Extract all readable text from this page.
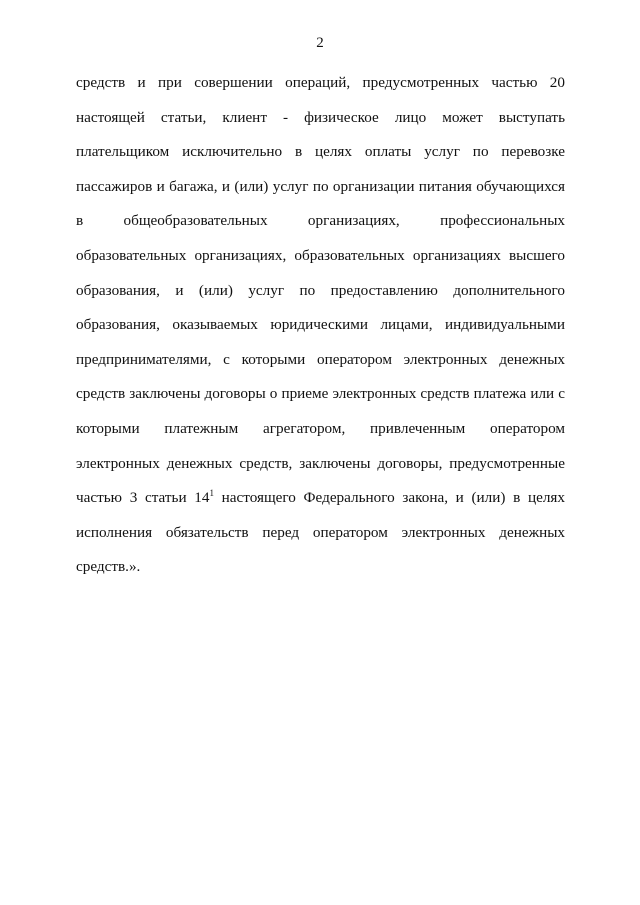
2
средств и при совершении операций, предусмотренных частью 20
настоящей статьи, клиент - физическое лицо может выступать
плательщиком исключительно в целях оплаты услуг по перевозке
пассажиров и багажа, и (или) услуг по организации питания обучающихся
в общеобразовательных организациях, профессиональных
образовательных организациях, образовательных организациях высшего
образования, и (или) услуг по предоставлению дополнительного
образования, оказываемых юридическими лицами, индивидуальными
предпринимателями, с которыми оператором электронных денежных
средств заключены договоры о приеме электронных средств платежа или с
которыми платежным агрегатором, привлеченным оператором
электронных денежных средств, заключены договоры, предусмотренные
частью 3 статьи $14^1$ настоящего Федерального закона, и (или) в целях
исполнения обязательств перед оператором электронных денежных
средств.».
